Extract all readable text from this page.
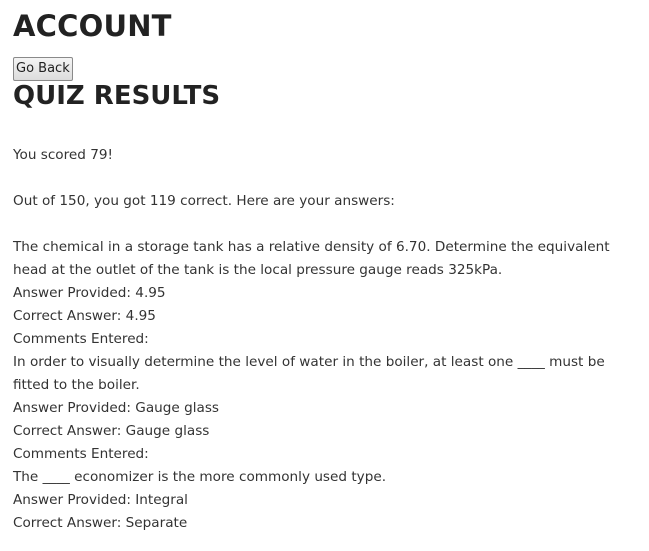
ACCOUNT
Go Back
QUIZ RESULTS

You scored 79!

Out of 150, you got 119 correct. Here are your answers:

The chemical in a storage tank has a relative density of 6.70. Determine the equivalent head at the outlet of the tank is the local pressure gauge reads 325kPa.

Answer Provided: 4.95

Correct Answer: 4.95

Comments Entered:

In order to visually determine the level of water in the boiler, at least one ____ must be fitted to the boiler.

Answer Provided: Gauge glass

Correct Answer: Gauge glass

Comments Entered:

The ____ economizer is the more commonly used type.

Answer Provided: Integral

Correct Answer: Separate
